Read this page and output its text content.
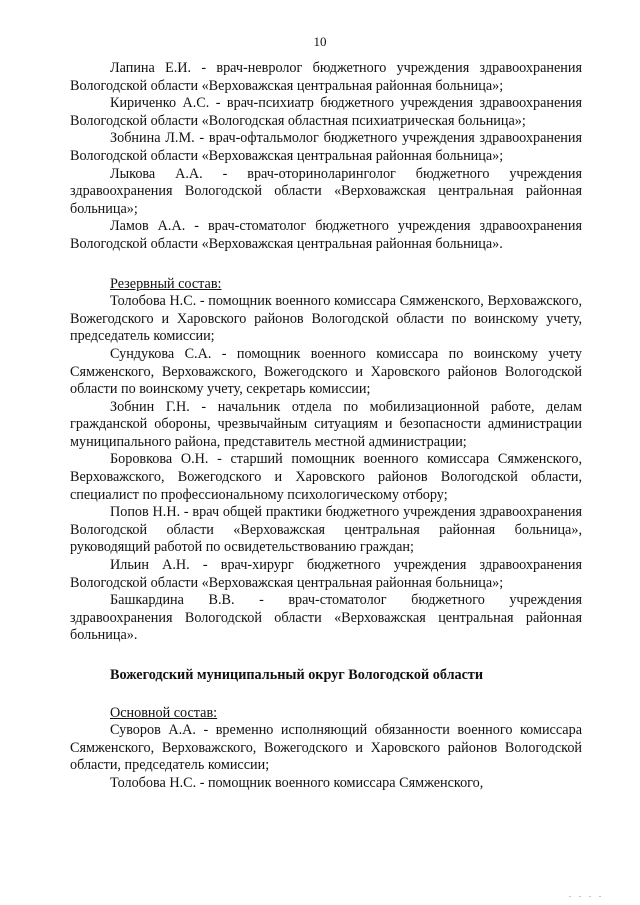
10

Лапина Е.И. - врач-невролог бюджетного учреждения здравоохранения Вологодской области «Верховажская центральная районная больница»;

Кириченко А.С. - врач-психиатр бюджетного учреждения здравоохранения Вологодской области «Вологодская областная психиатрическая больница»;

Зобнина Л.М. - врач-офтальмолог бюджетного учреждения здравоохранения Вологодской области «Верховажская центральная районная больница»;

Лыкова А.А. - врач-оториноларинголог бюджетного учреждения здравоохранения Вологодской области «Верховажская центральная районная больница»;

Ламов А.А. - врач-стоматолог бюджетного учреждения здравоохранения Вологодской области «Верховажская центральная районная больница».

Резервный состав:

Толобова Н.С. - помощник военного комиссара Сямженского, Верховажского, Вожегодского и Харовского районов Вологодской области по воинскому учету, председатель комиссии;

Сундукова С.А. - помощник военного комиссара по воинскому учету Сямженского, Верховажского, Вожегодского и Харовского районов Вологодской области по воинскому учету, секретарь комиссии;

Зобнин Г.Н. - начальник отдела по мобилизационной работе, делам гражданской обороны, чрезвычайным ситуациям и безопасности администрации муниципального района, представитель местной администрации;

Боровкова О.Н. - старший помощник военного комиссара Сямженского, Верховажского, Вожегодского и Харовского районов Вологодской области, специалист по профессиональному психологическому отбору;

Попов Н.Н. - врач общей практики бюджетного учреждения здравоохранения Вологодской области «Верховажская центральная районная больница», руководящий работой по освидетельствованию граждан;

Ильин А.Н. - врач-хирург бюджетного учреждения здравоохранения Вологодской области «Верховажская центральная районная больница»;

Башкардина В.В. - врач-стоматолог бюджетного учреждения здравоохранения Вологодской области «Верховажская центральная районная больница».

Вожегодский муниципальный округ Вологодской области

Основной состав:

Суворов А.А. - временно исполняющий обязанности военного комиссара Сямженского, Верховажского, Вожегодского и Харовского районов Вологодской области, председатель комиссии;

Толобова Н.С. - помощник военного комиссара Сямженского,

. . . .
